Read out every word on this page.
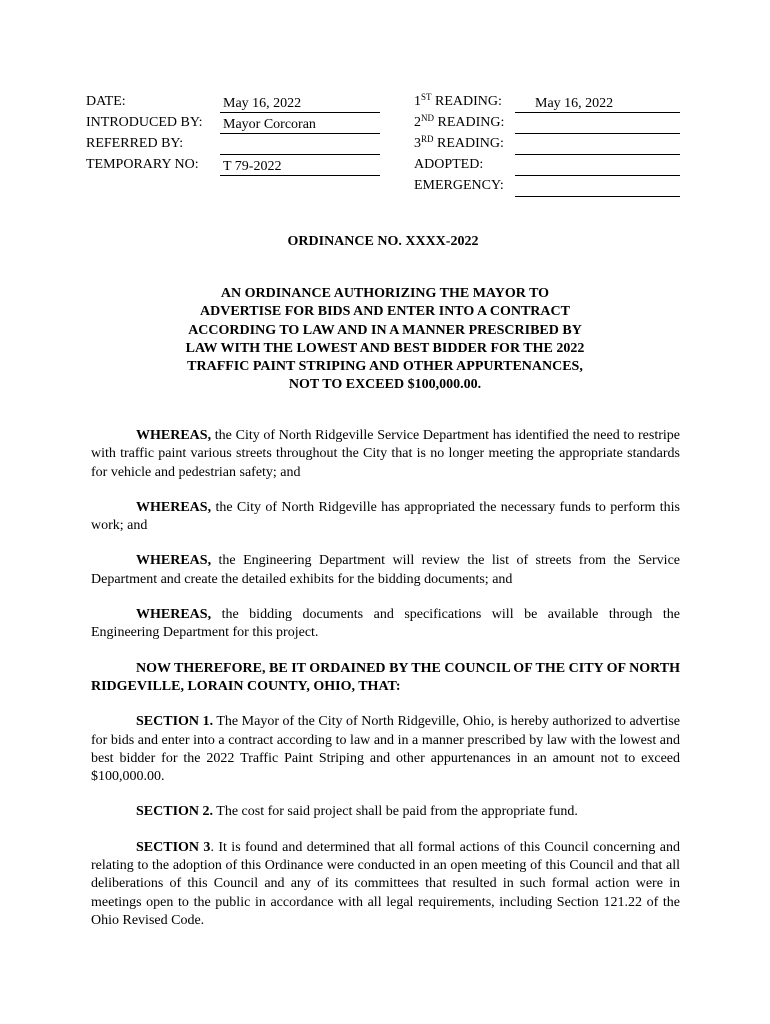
DATE:	May 16, 2022
INTRODUCED BY: Mayor Corcoran
REFERRED BY:
TEMPORARY NO: T 79-2022
1ST READING:	May 16, 2022
2ND READING:
3RD READING:
ADOPTED:
EMERGENCY:
ORDINANCE NO. XXXX-2022
AN ORDINANCE AUTHORIZING THE MAYOR TO
ADVERTISE FOR BIDS AND ENTER INTO A CONTRACT
ACCORDING TO LAW AND IN A MANNER PRESCRIBED BY
LAW WITH THE LOWEST AND BEST BIDDER FOR THE 2022
TRAFFIC PAINT STRIPING AND OTHER APPURTENANCES,
NOT TO EXCEED $100,000.00.

WHEREAS, the City of North Ridgeville Service Department has identified the need to restripe with traffic paint various streets throughout the City that is no longer meeting the appropriate standards for vehicle and pedestrian safety; and

WHEREAS, the City of North Ridgeville has appropriated the necessary funds to perform this work; and

WHEREAS, the Engineering Department will review the list of streets from the Service Department and create the detailed exhibits for the bidding documents; and

WHEREAS, the bidding documents and specifications will be available through the Engineering Department for this project.

NOW THEREFORE, BE IT ORDAINED BY THE COUNCIL OF THE CITY OF NORTH RIDGEVILLE, LORAIN COUNTY, OHIO, THAT:

SECTION 1. The Mayor of the City of North Ridgeville, Ohio, is hereby authorized to advertise for bids and enter into a contract according to law and in a manner prescribed by law with the lowest and best bidder for the 2022 Traffic Paint Striping and other appurtenances in an amount not to exceed $100,000.00.

SECTION 2. The cost for said project shall be paid from the appropriate fund.

SECTION 3. It is found and determined that all formal actions of this Council concerning and relating to the adoption of this Ordinance were conducted in an open meeting of this Council and that all deliberations of this Council and any of its committees that resulted in such formal action were in meetings open to the public in accordance with all legal requirements, including Section 121.22 of the Ohio Revised Code.
